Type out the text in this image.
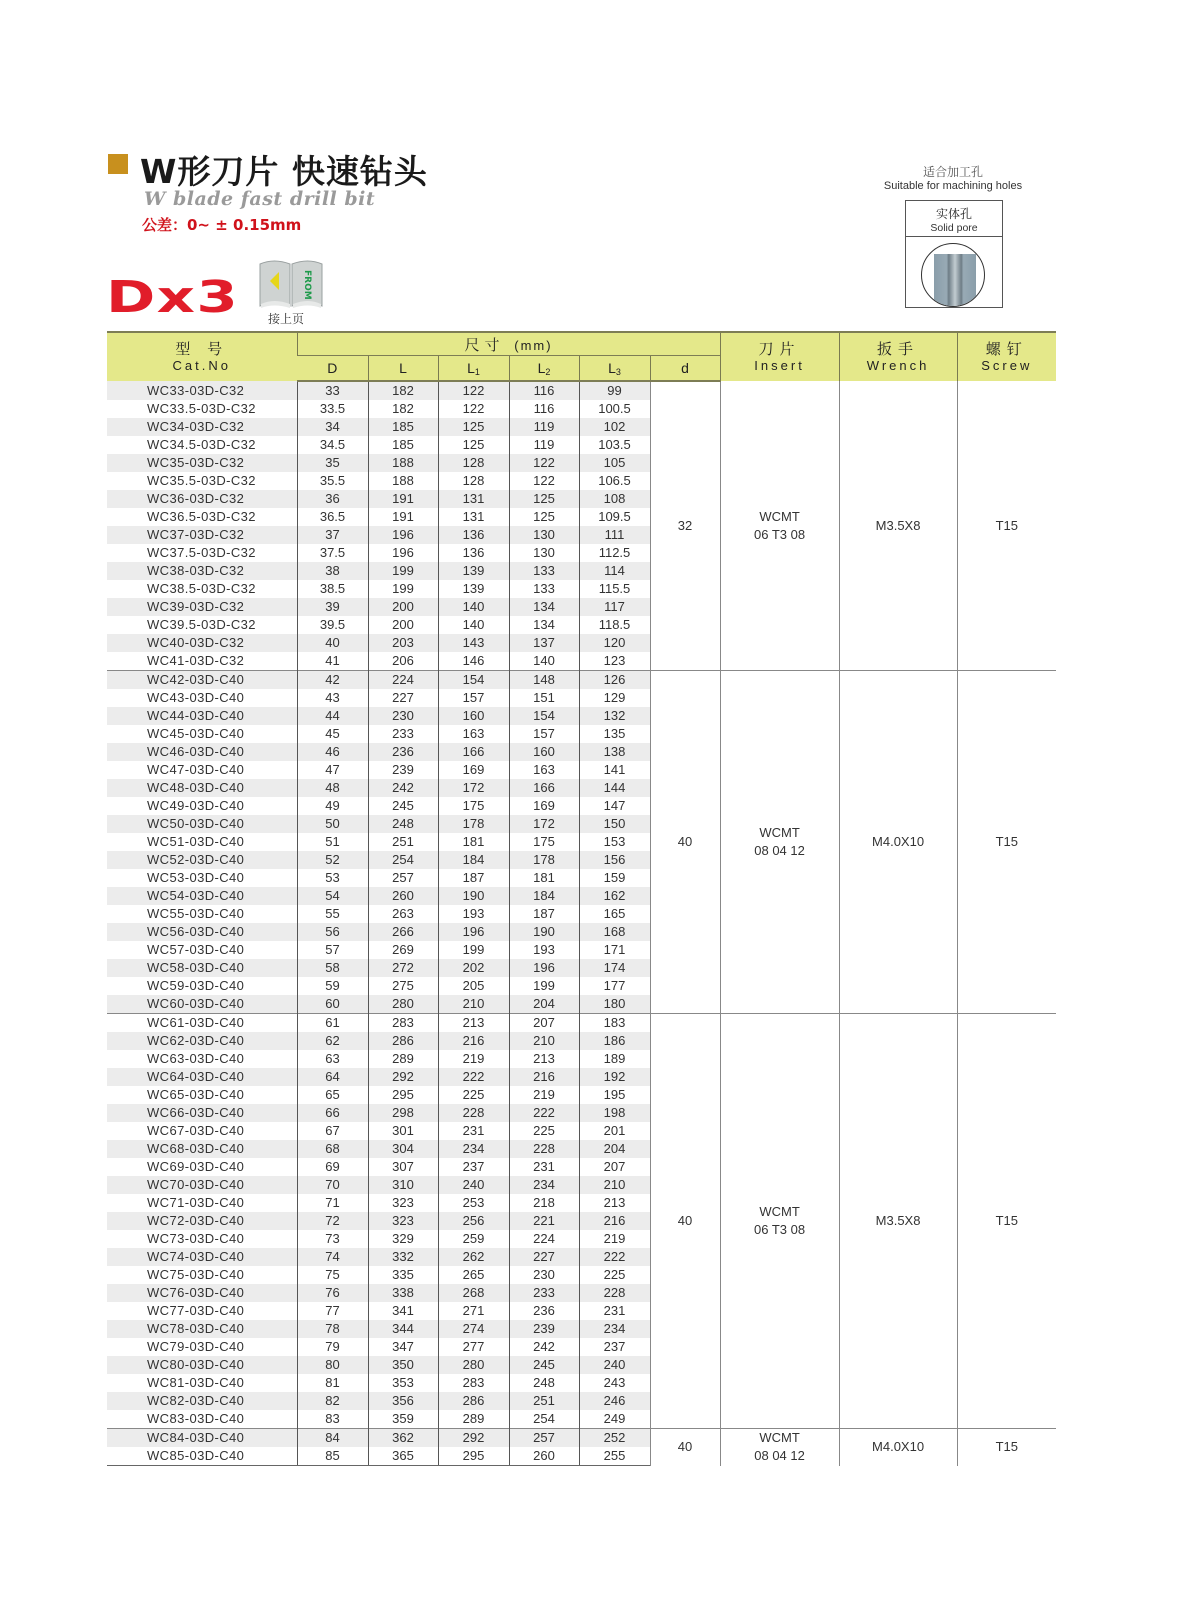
W形刀片 快速钻头
W blade fast drill bit
公差：0~ ± 0.15mm
Dx3	FROM
接上页
适合加工孔
Suitable for machining holes
实体孔
Solid pore
型 号
Cat.No	尺寸 (mm)						刀片
Insert	扳手
Wrench	螺钉
Screw

	D	L	$L_1$	$L_2$	$L_3$	d			
WC33-03D-C32	33	182	122	116	99	32	WCMT
06 T3 08	M3.5X8	T15
WC33.5-03D-C32	33.5	182	122	116	100.5				
WC34-03D-C32	34	185	125	119	102				
WC34.5-03D-C32	34.5	185	125	119	103.5				
WC35-03D-C32	35	188	128	122	105				
WC35.5-03D-C32	35.5	188	128	122	106.5				
WC36-03D-C32	36	191	131	125	108				
WC36.5-03D-C32	36.5	191	131	125	109.5				
WC37-03D-C32	37	196	136	130	111				
WC37.5-03D-C32	37.5	196	136	130	112.5				
WC38-03D-C32	38	199	139	133	114				
WC38.5-03D-C32	38.5	199	139	133	115.5				
WC39-03D-C32	39	200	140	134	117				
WC39.5-03D-C32	39.5	200	140	134	118.5				
WC40-03D-C32	40	203	143	137	120				
WC41-03D-C32	41	206	146	140	123				
WC42-03D-C40	42	224	154	148	126	40	WCMT
08 04 12	M4.0X10	T15
WC43-03D-C40	43	227	157	151	129				
WC44-03D-C40	44	230	160	154	132				
WC45-03D-C40	45	233	163	157	135				
WC46-03D-C40	46	236	166	160	138				
WC47-03D-C40	47	239	169	163	141				
WC48-03D-C40	48	242	172	166	144				
WC49-03D-C40	49	245	175	169	147				
WC50-03D-C40	50	248	178	172	150				
WC51-03D-C40	51	251	181	175	153				
WC52-03D-C40	52	254	184	178	156				
WC53-03D-C40	53	257	187	181	159				
WC54-03D-C40	54	260	190	184	162				
WC55-03D-C40	55	263	193	187	165				
WC56-03D-C40	56	266	196	190	168				
WC57-03D-C40	57	269	199	193	171				
WC58-03D-C40	58	272	202	196	174				
WC59-03D-C40	59	275	205	199	177				
WC60-03D-C40	60	280	210	204	180				
WC61-03D-C40	61	283	213	207	183	40	WCMT
06 T3 08	M3.5X8	T15
WC62-03D-C40	62	286	216	210	186				
WC63-03D-C40	63	289	219	213	189				
WC64-03D-C40	64	292	222	216	192				
WC65-03D-C40	65	295	225	219	195				
WC66-03D-C40	66	298	228	222	198				
WC67-03D-C40	67	301	231	225	201				
WC68-03D-C40	68	304	234	228	204				
WC69-03D-C40	69	307	237	231	207				
WC70-03D-C40	70	310	240	234	210				
WC71-03D-C40	71	323	253	218	213				
WC72-03D-C40	72	323	256	221	216				
WC73-03D-C40	73	329	259	224	219				
WC74-03D-C40	74	332	262	227	222				
WC75-03D-C40	75	335	265	230	225				
WC76-03D-C40	76	338	268	233	228				
WC77-03D-C40	77	341	271	236	231				
WC78-03D-C40	78	344	274	239	234				
WC79-03D-C40	79	347	277	242	237				
WC80-03D-C40	80	350	280	245	240				
WC81-03D-C40	81	353	283	248	243				
WC82-03D-C40	82	356	286	251	246				
WC83-03D-C40	83	359	289	254	249				
WC84-03D-C40	84	362	292	257	252	40	WCMT
08 04 12	M4.0X10	T15
WC85-03D-C40	85	365	295	260	255				
